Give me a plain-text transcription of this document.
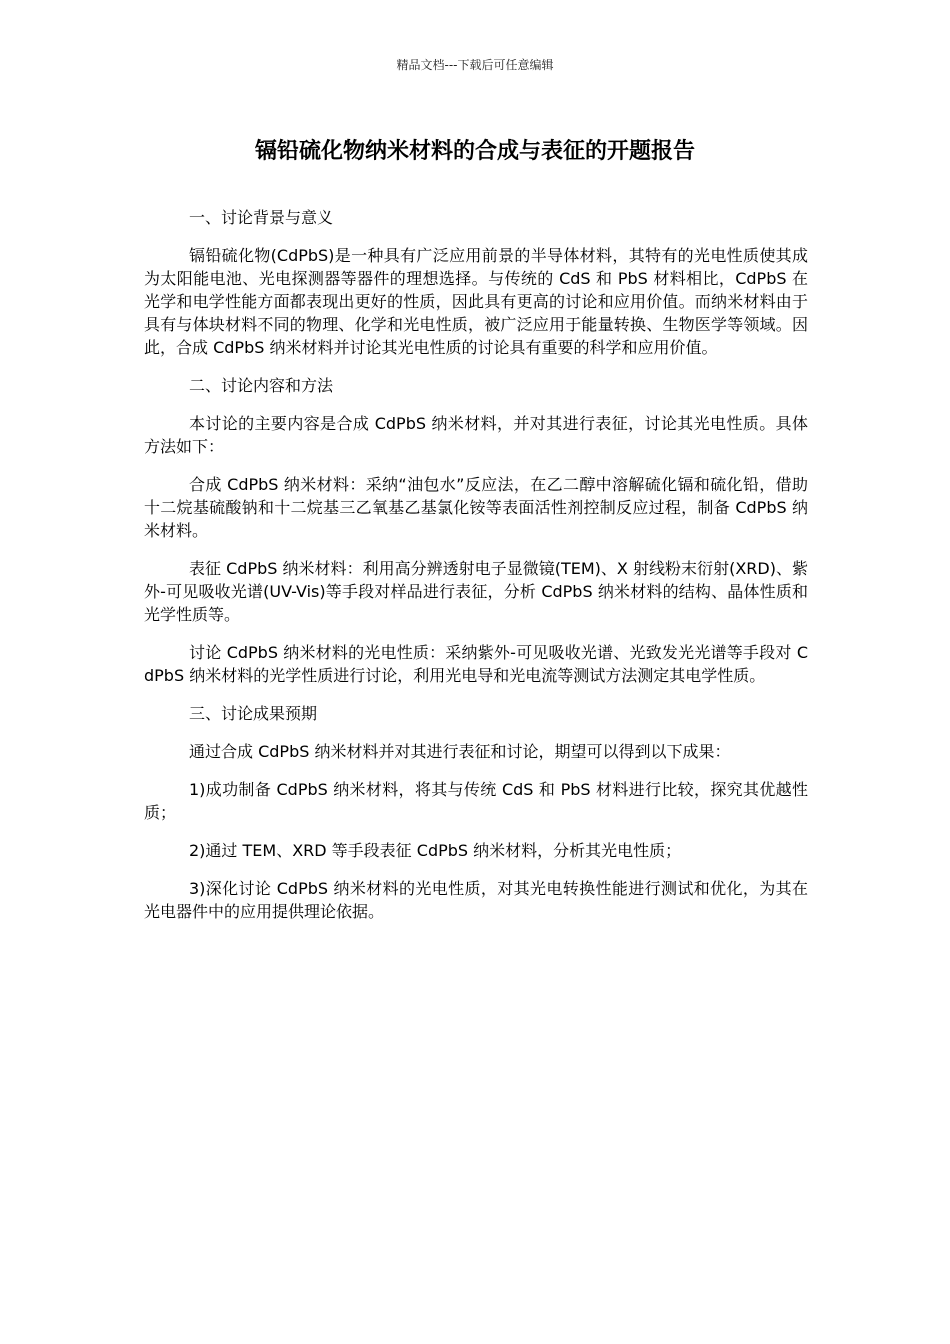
精品文档---下载后可任意编辑
镉铅硫化物纳米材料的合成与表征的开题报告

一、讨论背景与意义

镉铅硫化物(CdPbS)是一种具有广泛应用前景的半导体材料，其特有的光电性质使其成为太阳能电池、光电探测器等器件的理想选择。与传统的 CdS 和 PbS 材料相比，CdPbS 在光学和电学性能方面都表现出更好的性质，因此具有更高的讨论和应用价值。而纳米材料由于具有与体块材料不同的物理、化学和光电性质，被广泛应用于能量转换、生物医学等领域。因此，合成 CdPbS 纳米材料并讨论其光电性质的讨论具有重要的科学和应用价值。

二、讨论内容和方法

本讨论的主要内容是合成 CdPbS 纳米材料，并对其进行表征，讨论其光电性质。具体方法如下：

合成 CdPbS 纳米材料：采纳“油包水”反应法，在乙二醇中溶解硫化镉和硫化铅，借助十二烷基硫酸钠和十二烷基三乙氧基乙基氯化铵等表面活性剂控制反应过程，制备 CdPbS 纳米材料。

表征 CdPbS 纳米材料：利用高分辨透射电子显微镜(TEM)、X 射线粉末衍射(XRD)、紫外-可见吸收光谱(UV-Vis)等手段对样品进行表征，分析 CdPbS 纳米材料的结构、晶体性质和光学性质等。

讨论 CdPbS 纳米材料的光电性质：采纳紫外-可见吸收光谱、光致发光光谱等手段对 CdPbS 纳米材料的光学性质进行讨论，利用光电导和光电流等测试方法测定其电学性质。

三、讨论成果预期

通过合成 CdPbS 纳米材料并对其进行表征和讨论，期望可以得到以下成果：

1)成功制备 CdPbS 纳米材料，将其与传统 CdS 和 PbS 材料进行比较，探究其优越性质；

2)通过 TEM、XRD 等手段表征 CdPbS 纳米材料，分析其光电性质；

3)深化讨论 CdPbS 纳米材料的光电性质，对其光电转换性能进行测试和优化，为其在光电器件中的应用提供理论依据。
